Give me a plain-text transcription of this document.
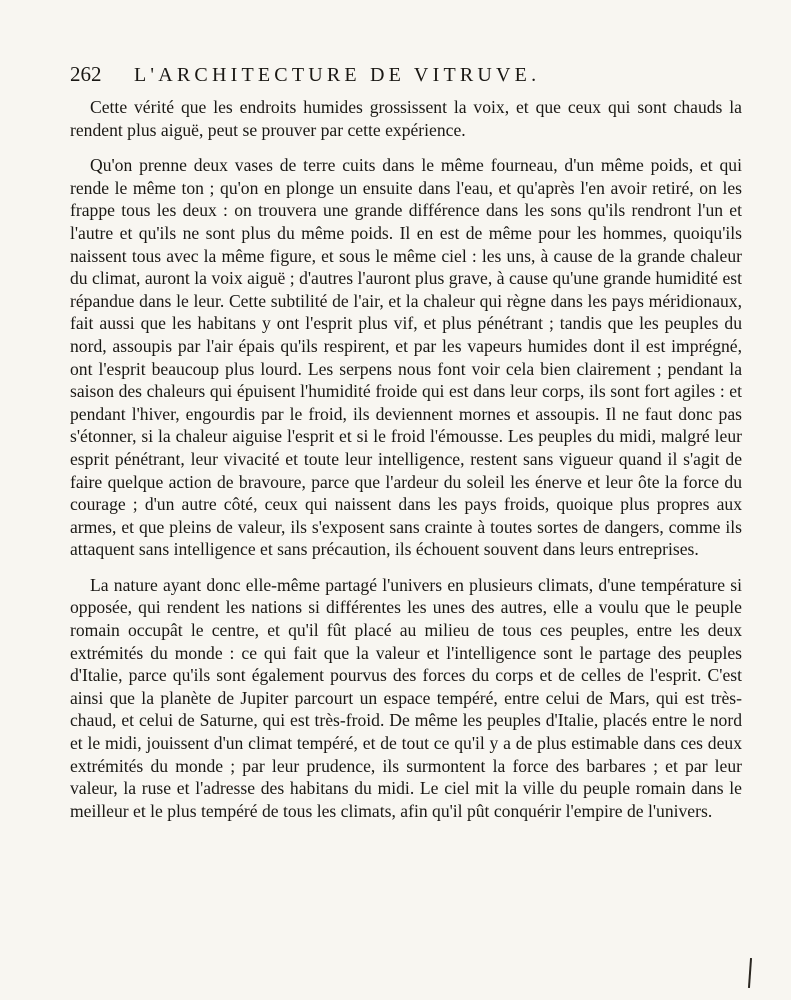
262	L'ARCHITECTURE DE VITRUVE.

Cette vérité que les endroits humides grossissent la voix, et que ceux qui sont chauds la rendent plus aiguë, peut se prouver par cette expérience.

Qu'on prenne deux vases de terre cuits dans le même fourneau, d'un même poids, et qui rende le même ton ; qu'on en plonge un ensuite dans l'eau, et qu'après l'en avoir retiré, on les frappe tous les deux : on trouvera une grande différence dans les sons qu'ils rendront l'un et l'autre et qu'ils ne sont plus du même poids. Il en est de même pour les hommes, quoiqu'ils naissent tous avec la même figure, et sous le même ciel : les uns, à cause de la grande chaleur du climat, auront la voix aiguë ; d'autres l'auront plus grave, à cause qu'une grande humidité est répandue dans le leur. Cette subtilité de l'air, et la chaleur qui règne dans les pays méridionaux, fait aussi que les habitans y ont l'esprit plus vif, et plus pénétrant ; tandis que les peuples du nord, assoupis par l'air épais qu'ils respirent, et par les vapeurs humides dont il est imprégné, ont l'esprit beaucoup plus lourd. Les serpens nous font voir cela bien clairement ; pendant la saison des chaleurs qui épuisent l'humidité froide qui est dans leur corps, ils sont fort agiles : et pendant l'hiver, engourdis par le froid, ils deviennent mornes et assoupis. Il ne faut donc pas s'étonner, si la chaleur aiguise l'esprit et si le froid l'émousse. Les peuples du midi, malgré leur esprit pénétrant, leur vivacité et toute leur intelligence, restent sans vigueur quand il s'agit de faire quelque action de bravoure, parce que l'ardeur du soleil les énerve et leur ôte la force du courage ; d'un autre côté, ceux qui naissent dans les pays froids, quoique plus propres aux armes, et que pleins de valeur, ils s'exposent sans crainte à toutes sortes de dangers, comme ils attaquent sans intelligence et sans précaution, ils échouent souvent dans leurs entreprises.

La nature ayant donc elle-même partagé l'univers en plusieurs climats, d'une température si opposée, qui rendent les nations si différentes les unes des autres, elle a voulu que le peuple romain occupât le centre, et qu'il fût placé au milieu de tous ces peuples, entre les deux extrémités du monde : ce qui fait que la valeur et l'intelligence sont le partage des peuples d'Italie, parce qu'ils sont également pourvus des forces du corps et de celles de l'esprit. C'est ainsi que la planète de Jupiter parcourt un espace tempéré, entre celui de Mars, qui est très-chaud, et celui de Saturne, qui est très-froid. De même les peuples d'Italie, placés entre le nord et le midi, jouissent d'un climat tempéré, et de tout ce qu'il y a de plus estimable dans ces deux extrémités du monde ; par leur prudence, ils surmontent la force des barbares ; et par leur valeur, la ruse et l'adresse des habitans du midi. Le ciel mit la ville du peuple romain dans le meilleur et le plus tempéré de tous les climats, afin qu'il pût conquérir l'empire de l'univers.
